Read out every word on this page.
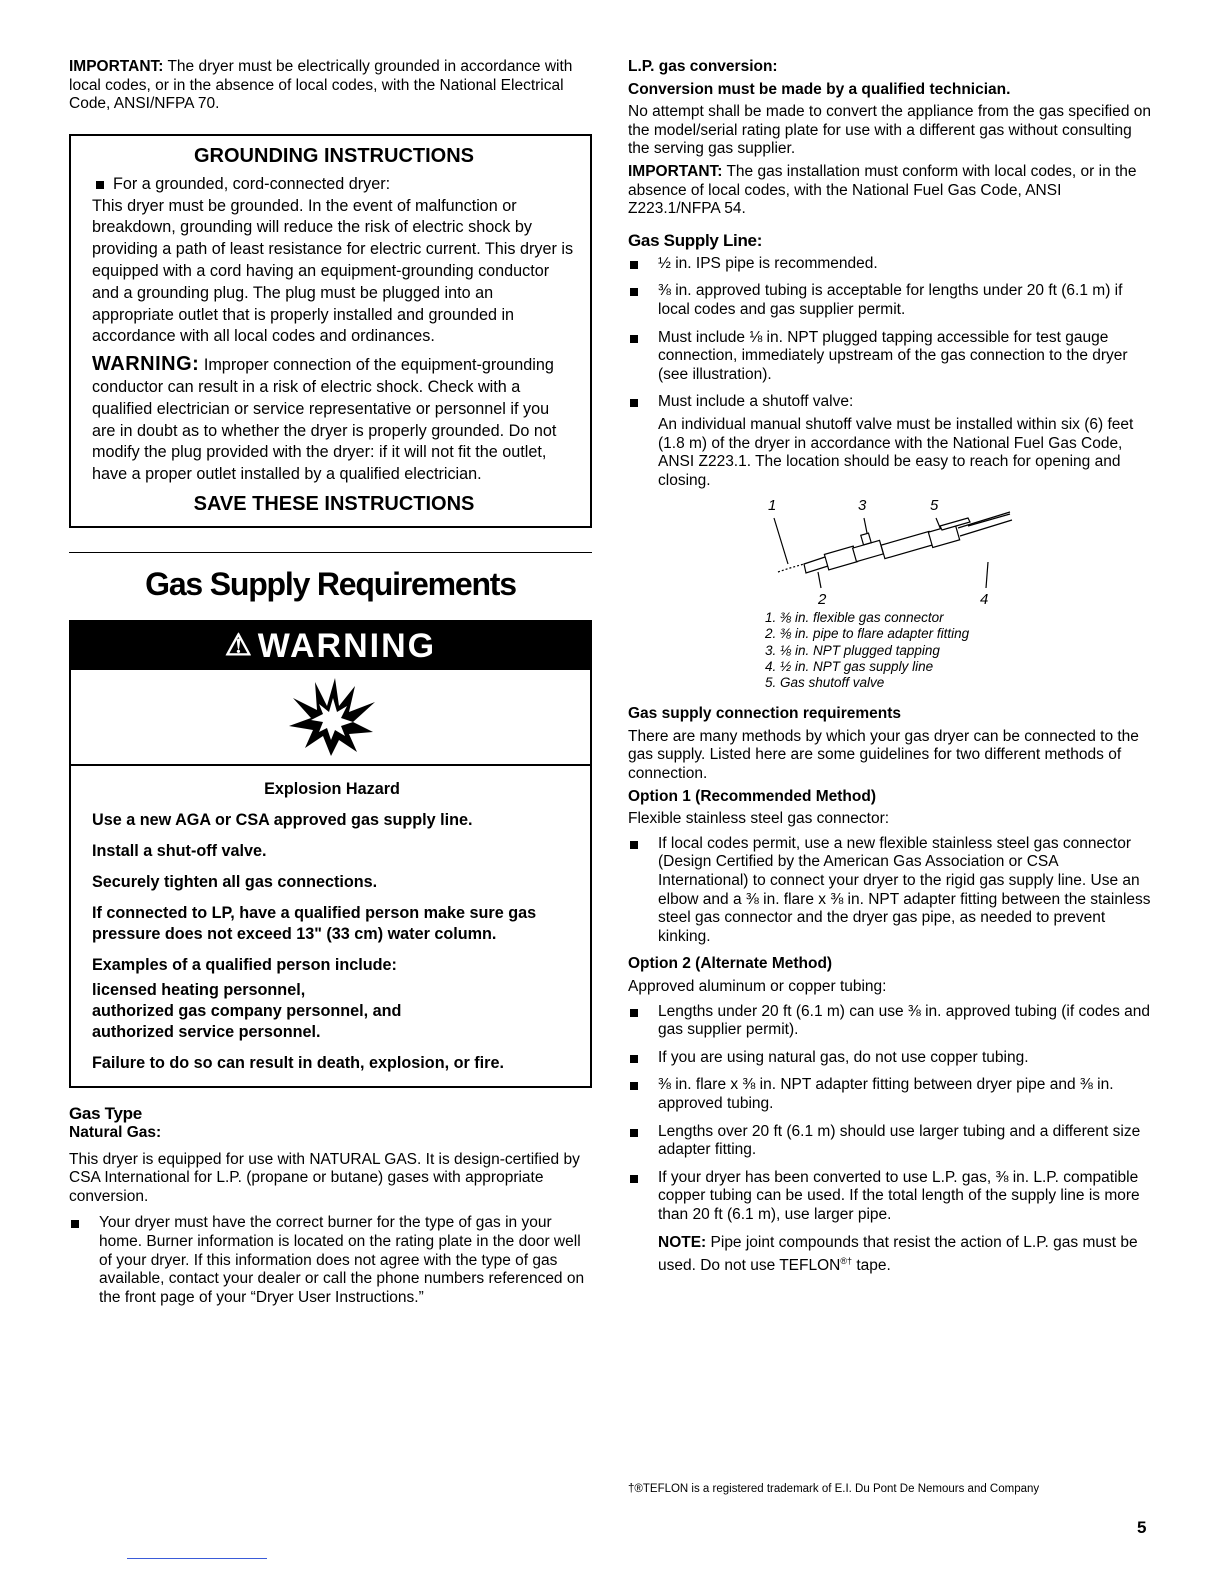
IMPORTANT: The dryer must be electrically grounded in accordance with local codes, or in the absence of local codes, with the National Electrical Code, ANSI/NFPA 70.

GROUNDING INSTRUCTIONS
For a grounded, cord-connected dryer:

This dryer must be grounded. In the event of malfunction or breakdown, grounding will reduce the risk of electric shock by providing a path of least resistance for electric current. This dryer is equipped with a cord having an equipment-grounding conductor and a grounding plug. The plug must be plugged into an appropriate outlet that is properly installed and grounded in accordance with all local codes and ordinances.

WARNING: Improper connection of the equipment-grounding conductor can result in a risk of electric shock. Check with a qualified electrician or service representative or personnel if you are in doubt as to whether the dryer is properly grounded. Do not modify the plug provided with the dryer: if it will not fit the outlet, have a proper outlet installed by a qualified electrician.

SAVE THESE INSTRUCTIONS
Gas Supply Requirements
⚠ WARNING
Explosion Hazard

Use a new AGA or CSA approved gas supply line.

Install a shut-off valve.

Securely tighten all gas connections.

If connected to LP, have a qualified person make sure gas pressure does not exceed 13" (33 cm) water column.

Examples of a qualified person include:

licensed heating personnel,

authorized gas company personnel, and

authorized service personnel.

Failure to do so can result in death, explosion, or fire.

Gas Type

Natural Gas:

This dryer is equipped for use with NATURAL GAS. It is design-certified by CSA International for L.P. (propane or butane) gases with appropriate conversion.

Your dryer must have the correct burner for the type of gas in your home. Burner information is located on the rating plate in the door well of your dryer. If this information does not agree with the type of gas available, contact your dealer or call the phone numbers referenced on the front page of your “Dryer User Instructions.”

L.P. gas conversion:

Conversion must be made by a qualified technician.

No attempt shall be made to convert the appliance from the gas specified on the model/serial rating plate for use with a different gas without consulting the serving gas supplier.

IMPORTANT: The gas installation must conform with local codes, or in the absence of local codes, with the National Fuel Gas Code, ANSI Z223.1/NFPA 54.

Gas Supply Line:
½ in. IPS pipe is recommended.
⅜ in. approved tubing is acceptable for lengths under 20 ft (6.1 m) if local codes and gas supplier permit.
Must include ⅛ in. NPT plugged tapping accessible for test gauge connection, immediately upstream of the gas connection to the dryer (see illustration).
Must include a shutoff valve:

An individual manual shutoff valve must be installed within six (6) feet (1.8 m) of the dryer in accordance with the National Fuel Gas Code, ANSI Z223.1. The location should be easy to reach for opening and closing.

1	3	5
2	4
1. ⅜ in. flexible gas connector
2. ⅜ in. pipe to flare adapter fitting
3. ⅛ in. NPT plugged tapping
4. ½ in. NPT gas supply line
5. Gas shutoff valve

Gas supply connection requirements

There are many methods by which your gas dryer can be connected to the gas supply. Listed here are some guidelines for two different methods of connection.

Option 1 (Recommended Method)

Flexible stainless steel gas connector:

If local codes permit, use a new flexible stainless steel gas connector (Design Certified by the American Gas Association or CSA International) to connect your dryer to the rigid gas supply line. Use an elbow and a ⅜ in. flare x ⅜ in. NPT adapter fitting between the stainless steel gas connector and the dryer gas pipe, as needed to prevent kinking.

Option 2 (Alternate Method)

Approved aluminum or copper tubing:

Lengths under 20 ft (6.1 m) can use ⅜ in. approved tubing (if codes and gas supplier permit).
If you are using natural gas, do not use copper tubing.
⅜ in. flare x ⅜ in. NPT adapter fitting between dryer pipe and ⅜ in. approved tubing.
Lengths over 20 ft (6.1 m) should use larger tubing and a different size adapter fitting.
If your dryer has been converted to use L.P. gas, ⅜ in. L.P. compatible copper tubing can be used. If the total length of the supply line is more than 20 ft (6.1 m), use larger pipe.

NOTE: Pipe joint compounds that resist the action of L.P. gas must be used. Do not use TEFLON®† tape.

†®TEFLON is a registered trademark of E.I. Du Pont De Nemours and Company
5
